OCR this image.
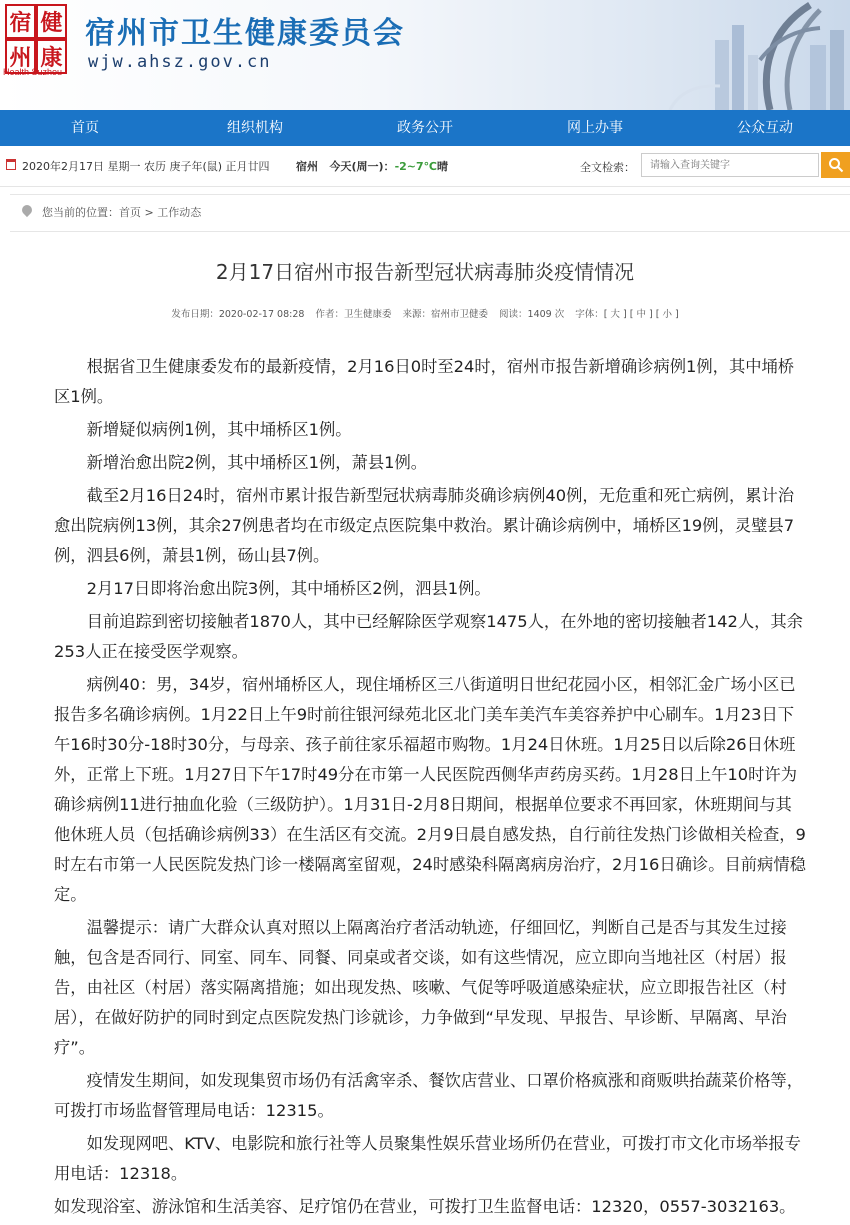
宿 健
州 康
Health Suzhou
宿州市卫生健康委员会
wjw.ahsz.gov.cn
首页	组织机构	政务公开	网上办事	公众互动
2020年2月17日 星期一 农历 庚子年(鼠) 正月廿四 宿州 今天(周一)：-2~7℃晴	全文检索：
请输入查询关键字
您当前的位置：首页 > 工作动态
2月17日宿州市报告新型冠状病毒肺炎疫情情况
发布日期：2020-02-17 08:28 作者：卫生健康委 来源：宿州市卫健委 阅读：1409 次 字体：[ 大 ] [ 中 ] [ 小 ]

根据省卫生健康委发布的最新疫情，2月16日0时至24时，宿州市报告新增确诊病例1例，其中埇桥区1例。

新增疑似病例1例，其中埇桥区1例。

新增治愈出院2例，其中埇桥区1例，萧县1例。

截至2月16日24时，宿州市累计报告新型冠状病毒肺炎确诊病例40例，无危重和死亡病例，累计治愈出院病例13例，其余27例患者均在市级定点医院集中救治。累计确诊病例中，埇桥区19例，灵璧县7例，泗县6例，萧县1例，砀山县7例。

2月17日即将治愈出院3例，其中埇桥区2例，泗县1例。

目前追踪到密切接触者1870人，其中已经解除医学观察1475人，在外地的密切接触者142人，其余253人正在接受医学观察。

病例40：男，34岁，宿州埇桥区人，现住埇桥区三八街道明日世纪花园小区，相邻汇金广场小区已报告多名确诊病例。1月22日上午9时前往银河绿苑北区北门美车美汽车美容养护中心刷车。1月23日下午16时30分-18时30分，与母亲、孩子前往家乐福超市购物。1月24日休班。1月25日以后除26日休班外，正常上下班。1月27日下午17时49分在市第一人民医院西侧华声药房买药。1月28日上午10时许为确诊病例11进行抽血化验（三级防护）。1月31日-2月8日期间，根据单位要求不再回家，休班期间与其他休班人员（包括确诊病例33）在生活区有交流。2月9日晨自感发热，自行前往发热门诊做相关检查，9时左右市第一人民医院发热门诊一楼隔离室留观，24时感染科隔离病房治疗，2月16日确诊。目前病情稳定。

温馨提示：请广大群众认真对照以上隔离治疗者活动轨迹，仔细回忆，判断自己是否与其发生过接触，包含是否同行、同室、同车、同餐、同桌或者交谈，如有这些情况，应立即向当地社区（村居）报告，由社区（村居）落实隔离措施；如出现发热、咳嗽、气促等呼吸道感染症状，应立即报告社区（村居），在做好防护的同时到定点医院发热门诊就诊，力争做到“早发现、早报告、早诊断、早隔离、早治疗”。

疫情发生期间，如发现集贸市场仍有活禽宰杀、餐饮店营业、口罩价格疯涨和商贩哄抬蔬菜价格等，可拨打市场监督管理局电话：12315。

如发现网吧、KTV、电影院和旅行社等人员聚集性娱乐营业场所仍在营业，可拨打市文化市场举报专用电话：12318。

如发现浴室、游泳馆和生活美容、足疗馆仍在营业，可拨打卫生监督电话：12320，0557-3032163。
